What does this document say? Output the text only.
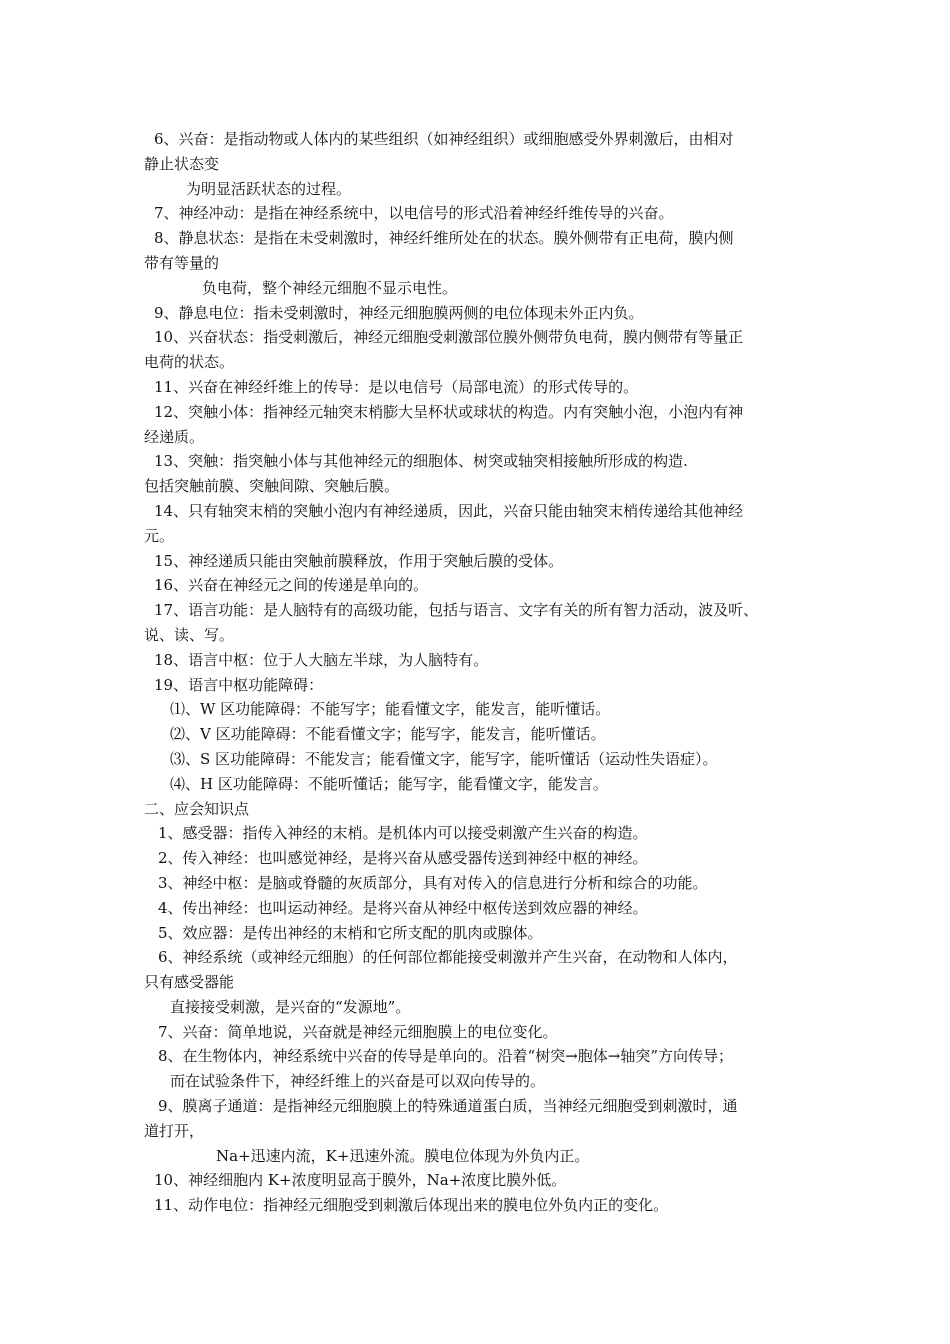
6、兴奋：是指动物或人体内的某些组织（如神经组织）或细胞感受外界刺激后，由相对

静止状态变

为明显活跃状态的过程。

7、神经冲动：是指在神经系统中，以电信号的形式沿着神经纤维传导的兴奋。

8、静息状态：是指在未受刺激时，神经纤维所处在的状态。膜外侧带有正电荷，膜内侧

带有等量的

负电荷，整个神经元细胞不显示电性。

9、静息电位：指未受刺激时，神经元细胞膜两侧的电位体现未外正内负。

10、兴奋状态：指受刺激后，神经元细胞受刺激部位膜外侧带负电荷，膜内侧带有等量正

电荷的状态。

11、兴奋在神经纤维上的传导：是以电信号（局部电流）的形式传导的。

12、突触小体：指神经元轴突末梢膨大呈杯状或球状的构造。内有突触小泡，小泡内有神

经递质。

13、突触：指突触小体与其他神经元的细胞体、树突或轴突相接触所形成的构造.

包括突触前膜、突触间隙、突触后膜。

14、只有轴突末梢的突触小泡内有神经递质，因此，兴奋只能由轴突末梢传递给其他神经

元。

15、神经递质只能由突触前膜释放，作用于突触后膜的受体。

16、兴奋在神经元之间的传递是单向的。

17、语言功能：是人脑特有的高级功能，包括与语言、文字有关的所有智力活动，波及听、

说、读、写。

18、语言中枢：位于人大脑左半球，为人脑特有。

19、语言中枢功能障碍：

⑴、W 区功能障碍：不能写字；能看懂文字，能发言，能听懂话。

⑵、V 区功能障碍：不能看懂文字；能写字，能发言，能听懂话。

⑶、S 区功能障碍：不能发言；能看懂文字，能写字，能听懂话（运动性失语症）。

⑷、H 区功能障碍：不能听懂话；能写字，能看懂文字，能发言。

二、应会知识点

1、感受器：指传入神经的末梢。是机体内可以接受刺激产生兴奋的构造。

2、传入神经：也叫感觉神经，是将兴奋从感受器传送到神经中枢的神经。

3、神经中枢：是脑或脊髓的灰质部分，具有对传入的信息进行分析和综合的功能。

4、传出神经：也叫运动神经。是将兴奋从神经中枢传送到效应器的神经。

5、效应器：是传出神经的末梢和它所支配的肌肉或腺体。

6、神经系统（或神经元细胞）的任何部位都能接受刺激并产生兴奋，在动物和人体内，

只有感受器能

直接接受刺激，是兴奋的“发源地”。

7、兴奋：简单地说，兴奋就是神经元细胞膜上的电位变化。

8、在生物体内，神经系统中兴奋的传导是单向的。沿着“树突→胞体→轴突”方向传导；

而在试验条件下，神经纤维上的兴奋是可以双向传导的。

9、膜离子通道：是指神经元细胞膜上的特殊通道蛋白质，当神经元细胞受到刺激时，通

道打开，

Na+迅速内流，K+迅速外流。膜电位体现为外负内正。

10、神经细胞内 K+浓度明显高于膜外，Na+浓度比膜外低。

11、动作电位：指神经元细胞受到刺激后体现出来的膜电位外负内正的变化。
